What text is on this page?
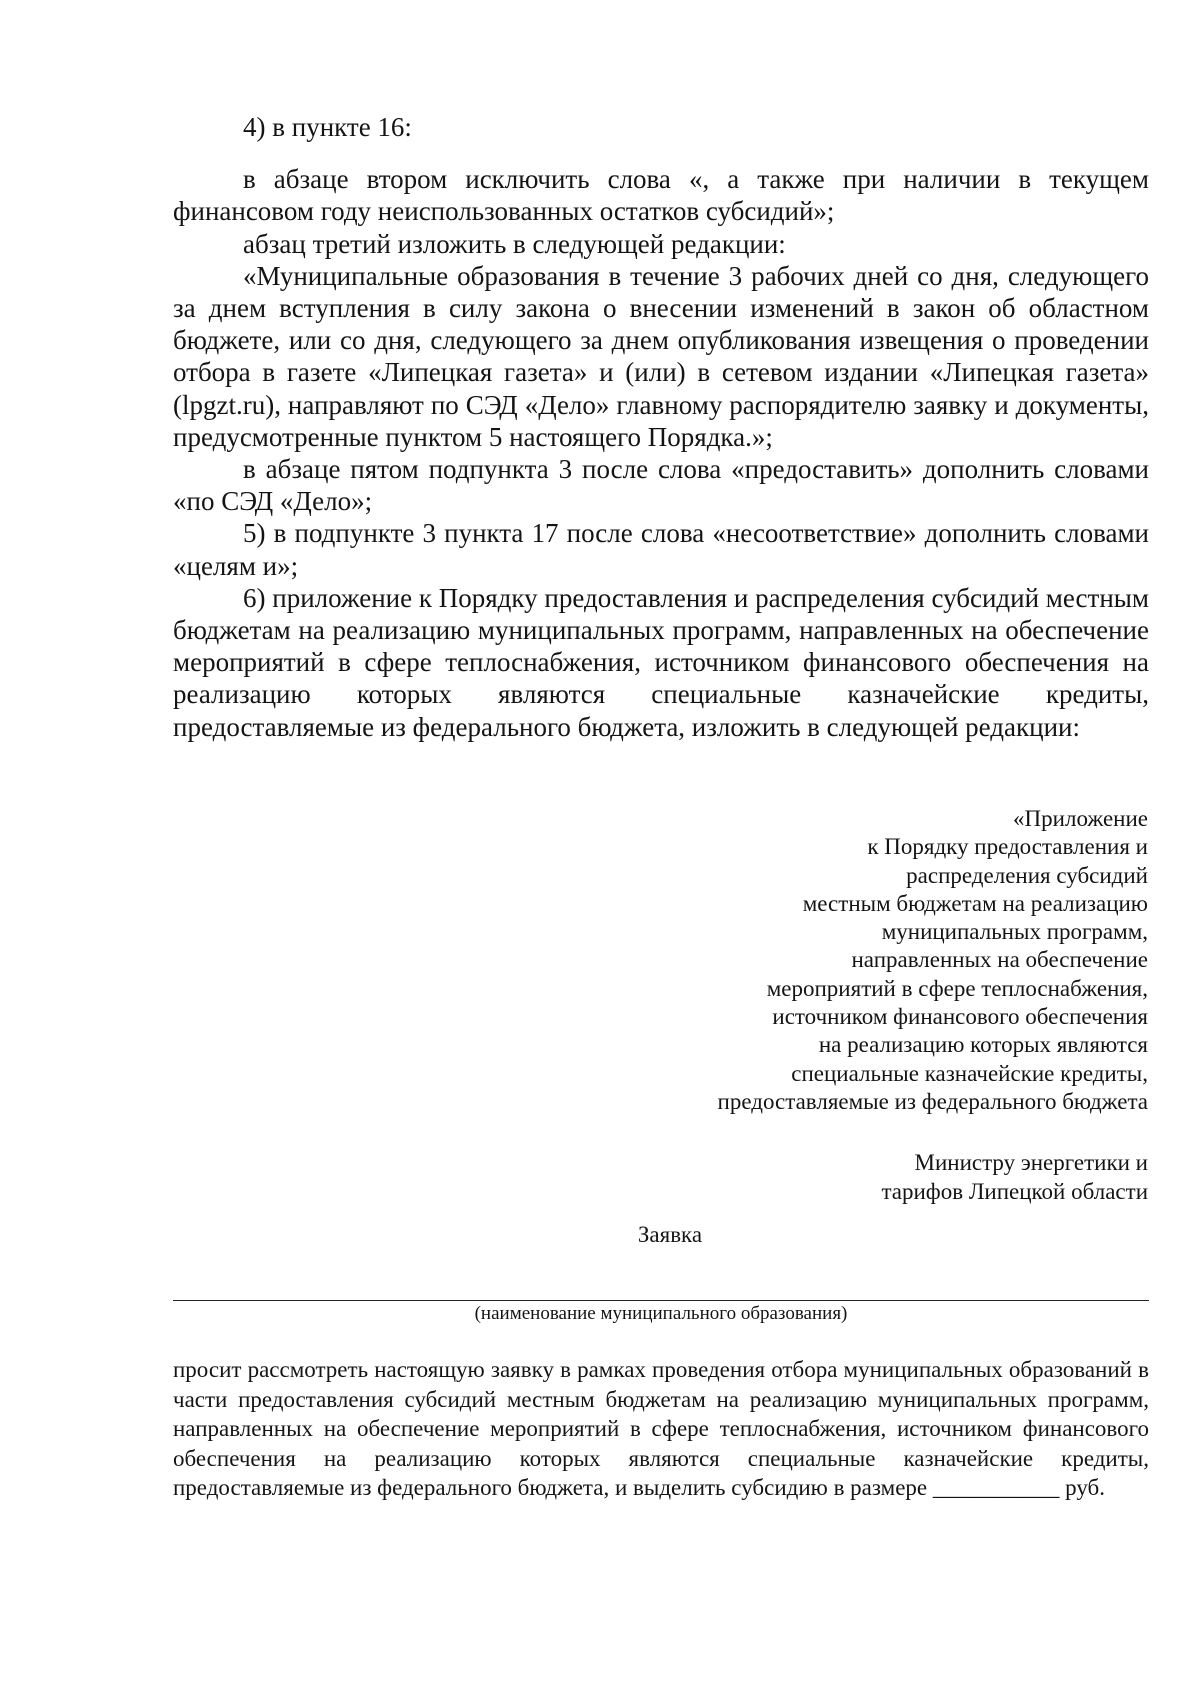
4) в пункте 16:

в абзаце втором исключить слова «, а также при наличии в текущем финансовом году неиспользованных остатков субсидий»;

абзац третий изложить в следующей редакции:

«Муниципальные образования в течение 3 рабочих дней со дня, следующего за днем вступления в силу закона о внесении изменений в закон об областном бюджете, или со дня, следующего за днем опубликования извещения о проведении отбора в газете «Липецкая газета» и (или) в сетевом издании «Липецкая газета» (lpgzt.ru), направляют по СЭД «Дело» главному распорядителю заявку и документы, предусмотренные пунктом 5 настоящего Порядка.»;

в абзаце пятом подпункта 3 после слова «предоставить» дополнить словами «по СЭД «Дело»;

5) в подпункте 3 пункта 17 после слова «несоответствие» дополнить словами «целям и»;

6) приложение к Порядку предоставления и распределения субсидий местным бюджетам на реализацию муниципальных программ, направленных на обеспечение мероприятий в сфере теплоснабжения, источником финансового обеспечения на реализацию которых являются специальные казначейские кредиты, предоставляемые из федерального бюджета, изложить в следующей редакции:

«Приложение
к Порядку предоставления и
распределения субсидий
местным бюджетам на реализацию
муниципальных программ,
направленных на обеспечение
мероприятий в сфере теплоснабжения,
источником финансового обеспечения
на реализацию которых являются
специальные казначейские кредиты,
предоставляемые из федерального бюджета
Министру энергетики и
тарифов Липецкой области
Заявка
(наименование муниципального образования)

просит рассмотреть настоящую заявку в рамках проведения отбора муниципальных образований в части предоставления субсидий местным бюджетам на реализацию муниципальных программ, направленных на обеспечение мероприятий в сфере теплоснабжения, источником финансового обеспечения на реализацию которых являются специальные казначейские кредиты, предоставляемые из федерального бюджета, и выделить субсидию в размере ___________ руб.
